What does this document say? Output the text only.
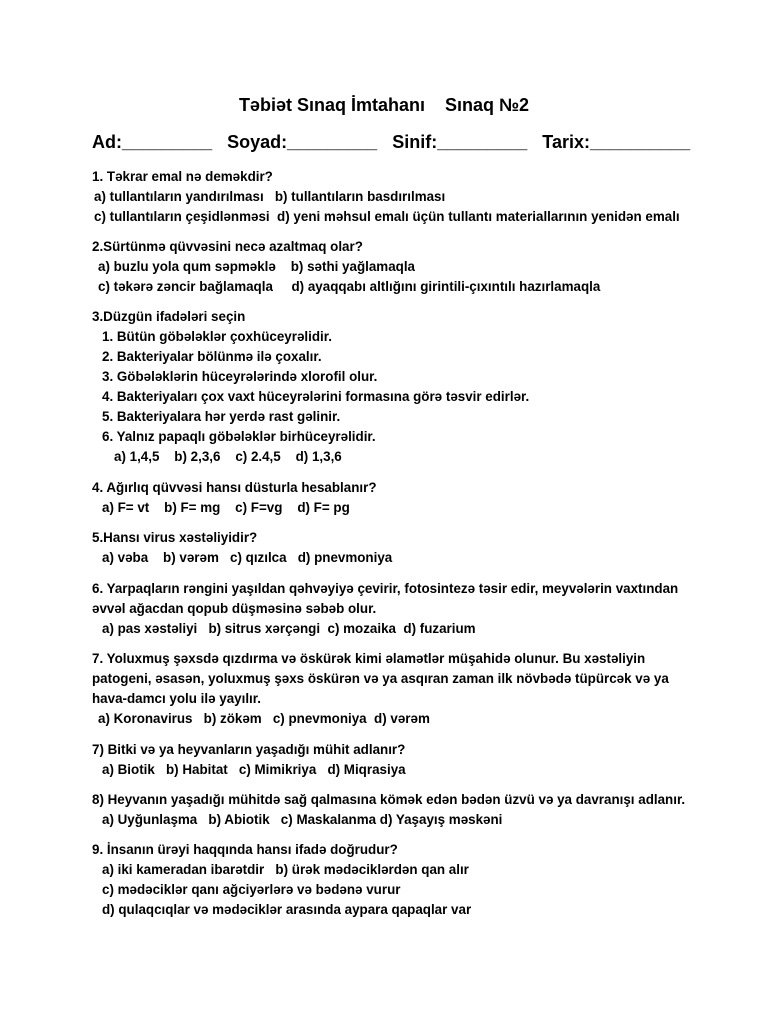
Təbiət Sınaq İmtahanı    Sınaq №2
Ad:_________   Soyad:_________   Sinif:_________   Tarix:__________
1. Təkrar emal nə deməkdir?
a) tullantıların yandırılması   b) tullantıların basdırılması
c) tullantıların çeşidlənməsi  d) yeni məhsul emalı üçün tullantı materiallarının yenidən emalı
2.Sürtünmə qüvvəsini necə azaltmaq olar?
a) buzlu yola qum səpməklə    b) səthi yağlamaqla
c) təkərə zəncir bağlamaqla     d) ayaqqabı altlığını girintili-çıxıntılı hazırlamaqla
3.Düzgün ifadələri seçin
1. Bütün göbələklər çoxhüceyrəlidir.
2. Bakteriyalar bölünmə ilə çoxalır.
3. Göbələklərin hüceyrələrində xlorofil olur.
4. Bakteriyaları çox vaxt hüceyrələrini formasına görə təsvir edirlər.
5. Bakteriyalara hər yerdə rast gəlinir.
6. Yalnız papaqlı göbələklər birhüceyrəlidir.
a) 1,4,5    b) 2,3,6    c) 2.4,5    d) 1,3,6
4. Ağırlıq qüvvəsi hansı düsturla hesablanır?
a) F= vt    b) F= mg    c) F=vg    d) F= pg
5.Hansı virus xəstəliyidir?
a) vəba    b) vərəm   c) qızılca   d) pnevmoniya
6. Yarpaqların rəngini yaşıldan qəhvəyiyə çevirir, fotosintezə təsir edir, meyvələrin vaxtından
əvvəl ağacdan qopub düşməsinə səbəb olur.
a) pas xəstəliyi   b) sitrus xərçəngi  c) mozaika  d) fuzarium
7. Yoluxmuş şəxsdə qızdırma və öskürək kimi əlamətlər müşahidə olunur. Bu xəstəliyin
patogeni, əsasən, yoluxmuş şəxs öskürən və ya asqıran zaman ilk növbədə tüpürcək və ya
hava-damcı yolu ilə yayılır.
a) Koronavirus   b) zökəm   c) pnevmoniya  d) vərəm
7) Bitki və ya heyvanların yaşadığı mühit adlanır?
a) Biotik   b) Habitat   c) Mimikriya   d) Miqrasiya
8) Heyvanın yaşadığı mühitdə sağ qalmasına kömək edən bədən üzvü və ya davranışı adlanır.
a) Uyğunlaşma   b) Abiotik   c) Maskalanma d) Yaşayış məskəni
9. İnsanın ürəyi haqqında hansı ifadə doğrudur?
a) iki kameradan ibarətdir   b) ürək mədəciklərdən qan alır
c) mədəciklər qanı ağciyərlərə və bədənə vurur
d) qulaqcıqlar və mədəciklər arasında aypara qapaqlar var
